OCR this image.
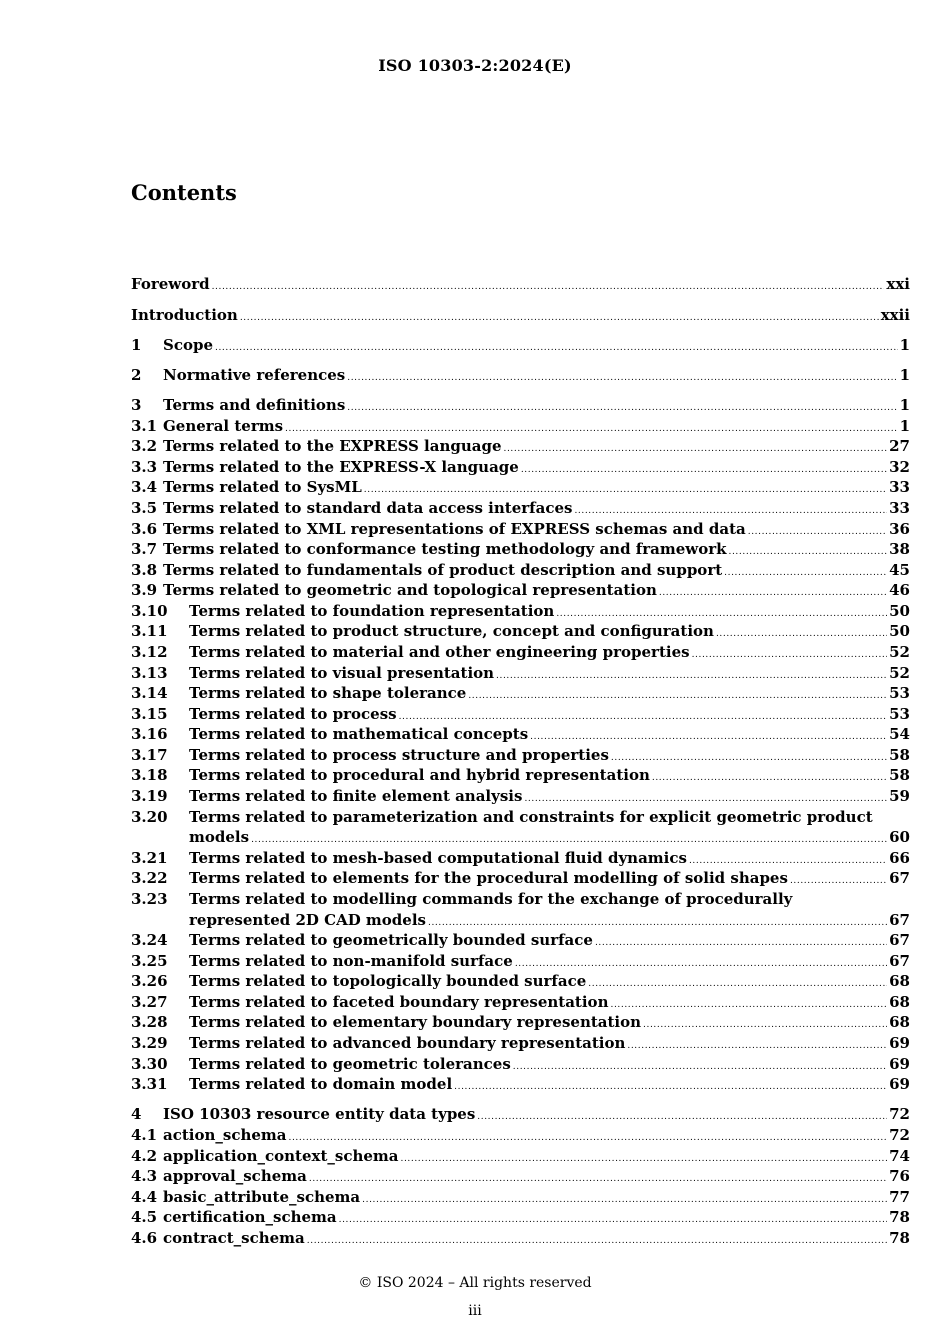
ISO 10303-2:2024(E)
Contents
Foreword .....	xxi
Introduction .....	xxii
1	Scope .....	1
2	Normative references .....	1
3	Terms and definitions .....	1
3.1 General terms .....	1
3.2 Terms related to the EXPRESS language .....	27
3.3 Terms related to the EXPRESS-X language .....	32
3.4 Terms related to SysML .....	33
3.5 Terms related to standard data access interfaces .....	33
3.6 Terms related to XML representations of EXPRESS schemas and data .....	36
3.7 Terms related to conformance testing methodology and framework .....	38
3.8 Terms related to fundamentals of product description and support .....	45
3.9 Terms related to geometric and topological representation .....	46
3.10	Terms related to foundation representation .....	50
3.11	Terms related to product structure, concept and configuration .....	50
3.12	Terms related to material and other engineering properties .....	52
3.13	Terms related to visual presentation .....	52
3.14	Terms related to shape tolerance .....	53
3.15	Terms related to process .....	53
3.16	Terms related to mathematical concepts .....	54
3.17	Terms related to process structure and properties .....	58
3.18	Terms related to procedural and hybrid representation .....	58
3.19	Terms related to finite element analysis .....	59
3.20	Terms related to parameterization and constraints for explicit geometric product
models .....	60
3.21	Terms related to mesh-based computational fluid dynamics .....	66
3.22	Terms related to elements for the procedural modelling of solid shapes .....	67
3.23	Terms related to modelling commands for the exchange of procedurally
represented 2D CAD models .....	67
3.24	Terms related to geometrically bounded surface .....	67
3.25	Terms related to non-manifold surface .....	67
3.26	Terms related to topologically bounded surface .....	68
3.27	Terms related to faceted boundary representation .....	68
3.28	Terms related to elementary boundary representation .....	68
3.29	Terms related to advanced boundary representation .....	69
3.30	Terms related to geometric tolerances .....	69
3.31	Terms related to domain model .....	69
4	ISO 10303 resource entity data types .....	72
4.1 action_schema .....	72
4.2 application_context_schema .....	74
4.3 approval_schema .....	76
4.4 basic_attribute_schema .....	77
4.5 certification_schema .....	78
4.6 contract_schema .....	78
© ISO 2024 – All rights reserved
iii
